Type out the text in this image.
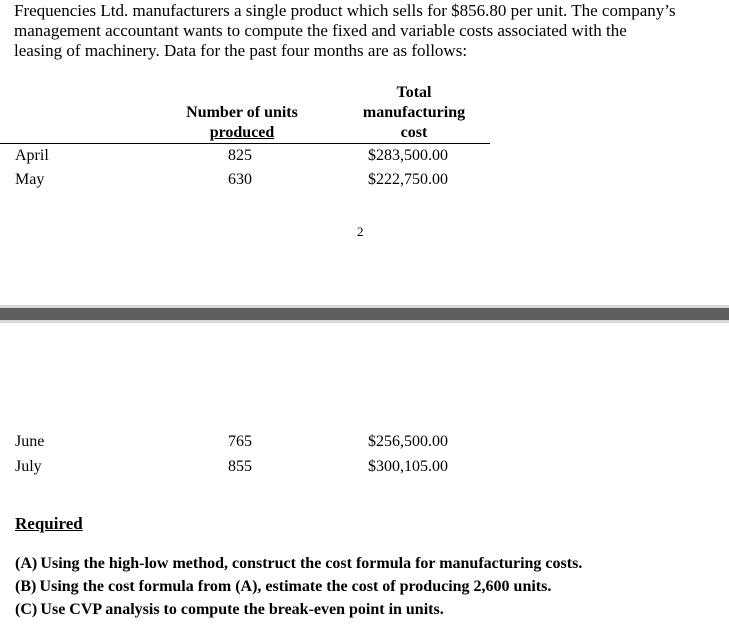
Frequencies Ltd. manufacturers a single product which sells for $856.80 per unit. The company’s
management accountant wants to compute the fixed and variable costs associated with the
leasing of machinery. Data for the past four months are as follows:

Number of units
produced
Total
manufacturing
cost
April	825	$283,500.00
May	630	$222,750.00
2
June	765	$256,500.00
July	855	$300,105.00
Required
(A) Using the high-low method, construct the cost formula for manufacturing costs.
(B) Using the cost formula from (A), estimate the cost of producing 2,600 units.
(C) Use CVP analysis to compute the break-even point in units.
